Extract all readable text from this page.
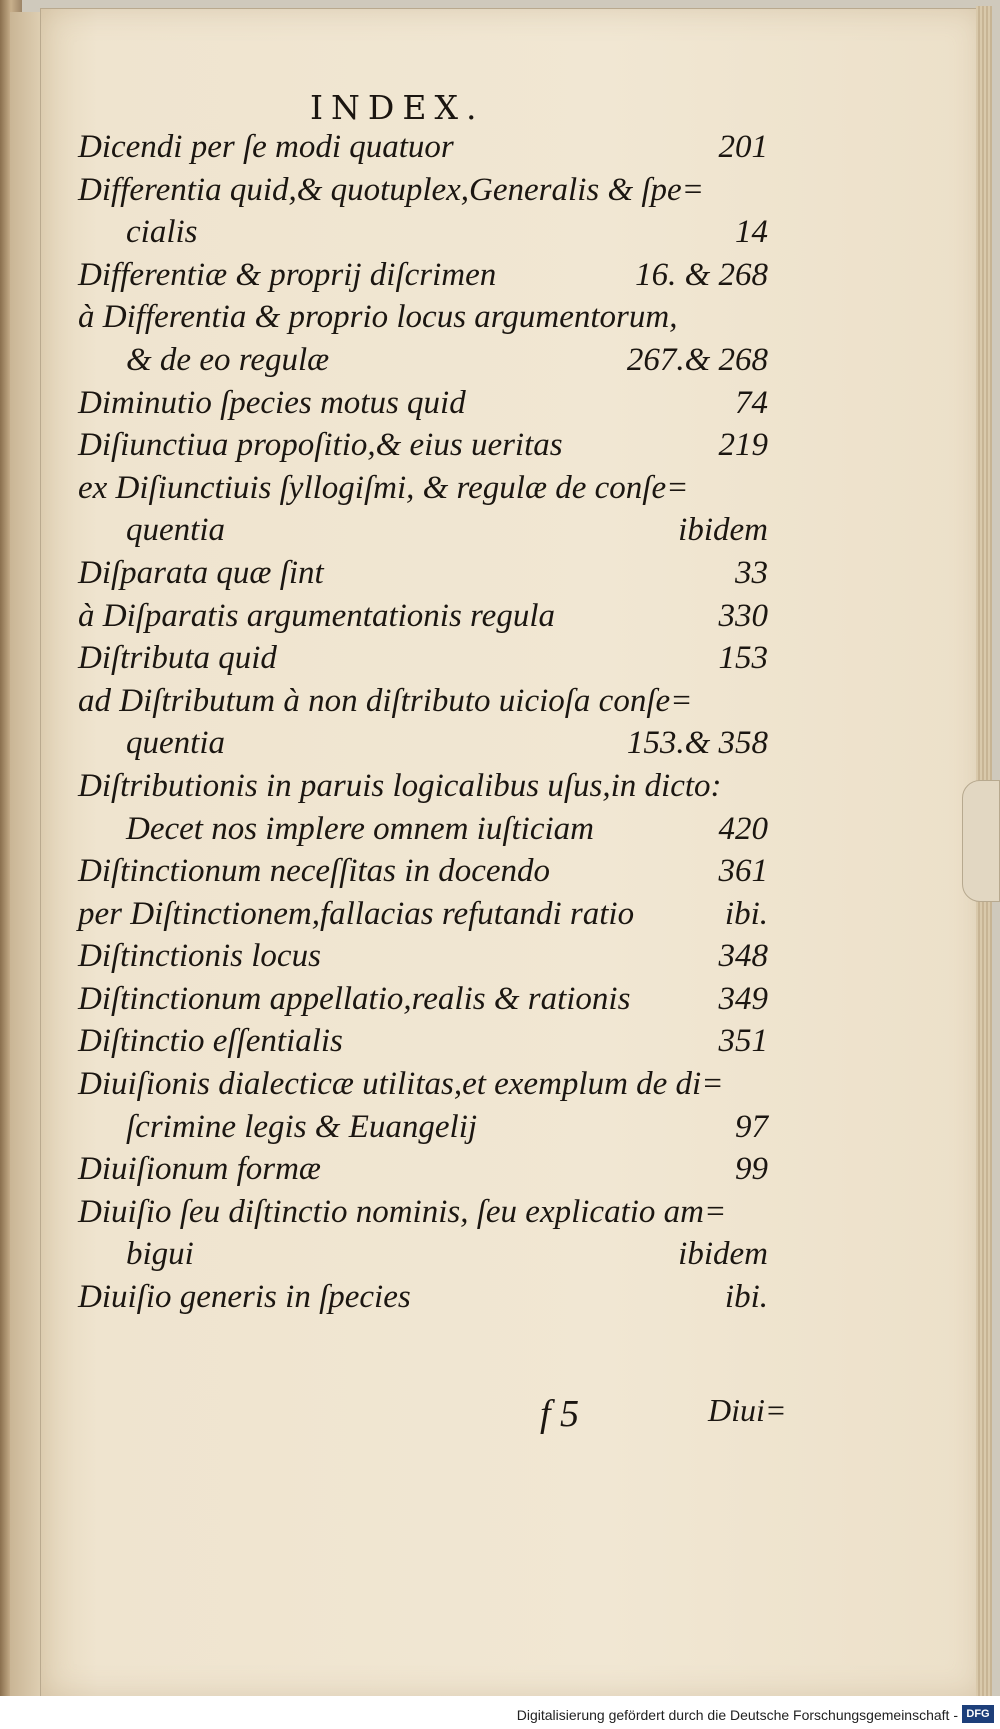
INDEX.
Dicendi per ſe modi quatuor	201
Differentia quid,& quotuplex,Generalis & ſpe=
cialis	14
Differentiæ & proprij diſcrimen	16. & 268
à Differentia & proprio locus argumentorum,
& de eo regulæ	267.& 268
Diminutio ſpecies motus quid	74
Diſiunctiua propoſitio,& eius ueritas	219
ex Diſiunctiuis ſyllogiſmi, & regulæ de conſe=
quentia	ibidem
Diſparata quæ ſint	33
à Diſparatis argumentationis regula	330
Diſtributa quid	153
ad Diſtributum à non diſtributo uicioſa conſe=
quentia	153.& 358
Diſtributionis in paruis logicalibus uſus,in dicto:
Decet nos implere omnem iuſticiam	420
Diſtinctionum neceſſitas in docendo	361
per Diſtinctionem,fallacias refutandi ratio	ibi.
Diſtinctionis locus	348
Diſtinctionum appellatio,realis & rationis	349
Diſtinctio eſſentialis	351
Diuiſionis dialecticæ utilitas,et exemplum de di=
ſcrimine legis & Euangelij	97
Diuiſionum formæ	99
Diuiſio ſeu diſtinctio nominis, ſeu explicatio am=
bigui	ibidem
Diuiſio generis in ſpecies	ibi.
f 5	Diui=
Digitalisierung gefördert durch die Deutsche Forschungsgemeinschaft - DFG
